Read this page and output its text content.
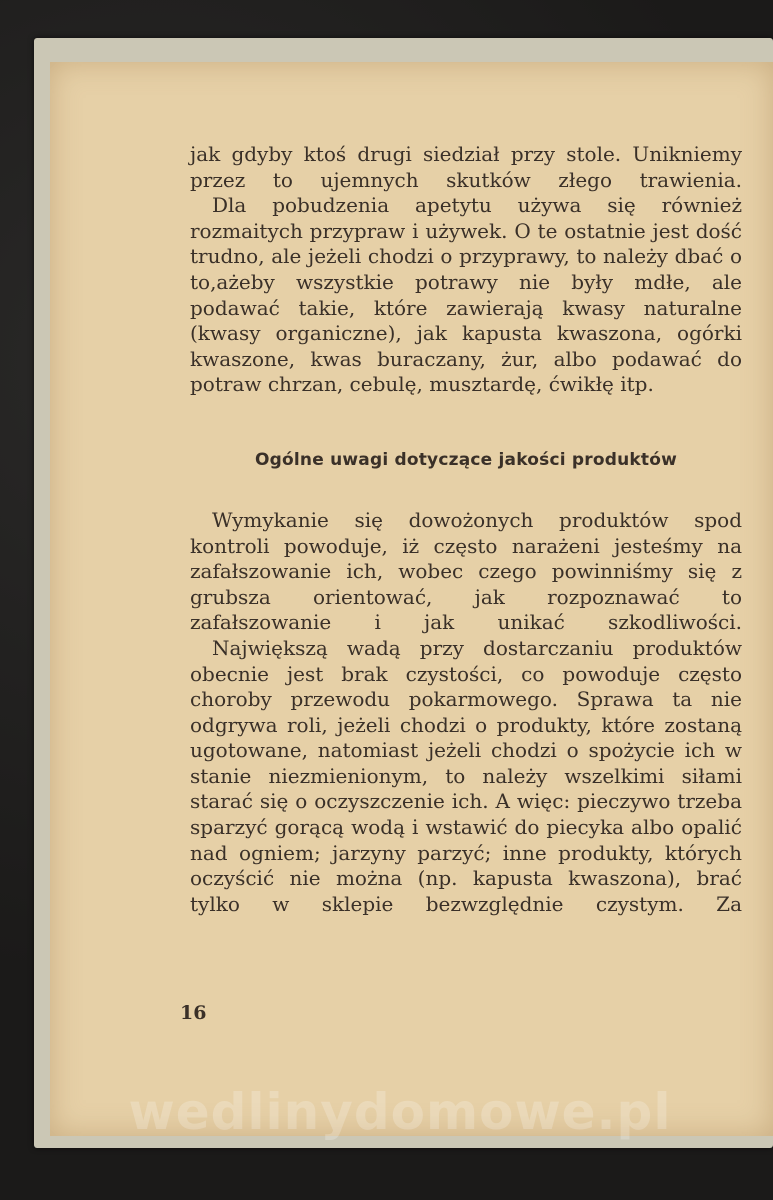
jak gdyby ktoś drugi siedział przy stole. Unikniemy przez to ujemnych skutków złego trawienia.

Dla pobudzenia apetytu używa się również rozmaitych przypraw i używek. O te ostatnie jest dość trudno, ale jeżeli chodzi o przyprawy, to należy dbać o to,ażeby wszystkie potrawy nie były mdłe, ale podawać takie, które zawierają kwasy naturalne (kwasy organiczne), jak kapusta kwaszona, ogórki kwaszone, kwas buraczany, żur, albo podawać do potraw chrzan, cebulę, musztardę, ćwikłę itp.

Ogólne uwagi dotyczące jakości produktów

Wymykanie się dowożonych produktów spod kontroli powoduje, iż często narażeni jesteśmy na zafałszowanie ich, wobec czego powinniśmy się z grubsza orientować, jak rozpoznawać to zafałszowanie i jak unikać szkodliwości.

Największą wadą przy dostarczaniu produktów obecnie jest brak czystości, co powoduje często choroby przewodu pokarmowego. Sprawa ta nie odgrywa roli, jeżeli chodzi o produkty, które zostaną ugotowane, natomiast jeżeli chodzi o spożycie ich w stanie niezmienionym, to należy wszelkimi siłami starać się o oczyszczenie ich. A więc: pieczywo trzeba sparzyć gorącą wodą i wstawić do piecyka albo opalić nad ogniem; jarzyny parzyć; inne produkty, których oczyścić nie można (np. kapusta kwaszona), brać tylko w sklepie bezwzględnie czystym. Za

16
wedlinydomowe.pl
